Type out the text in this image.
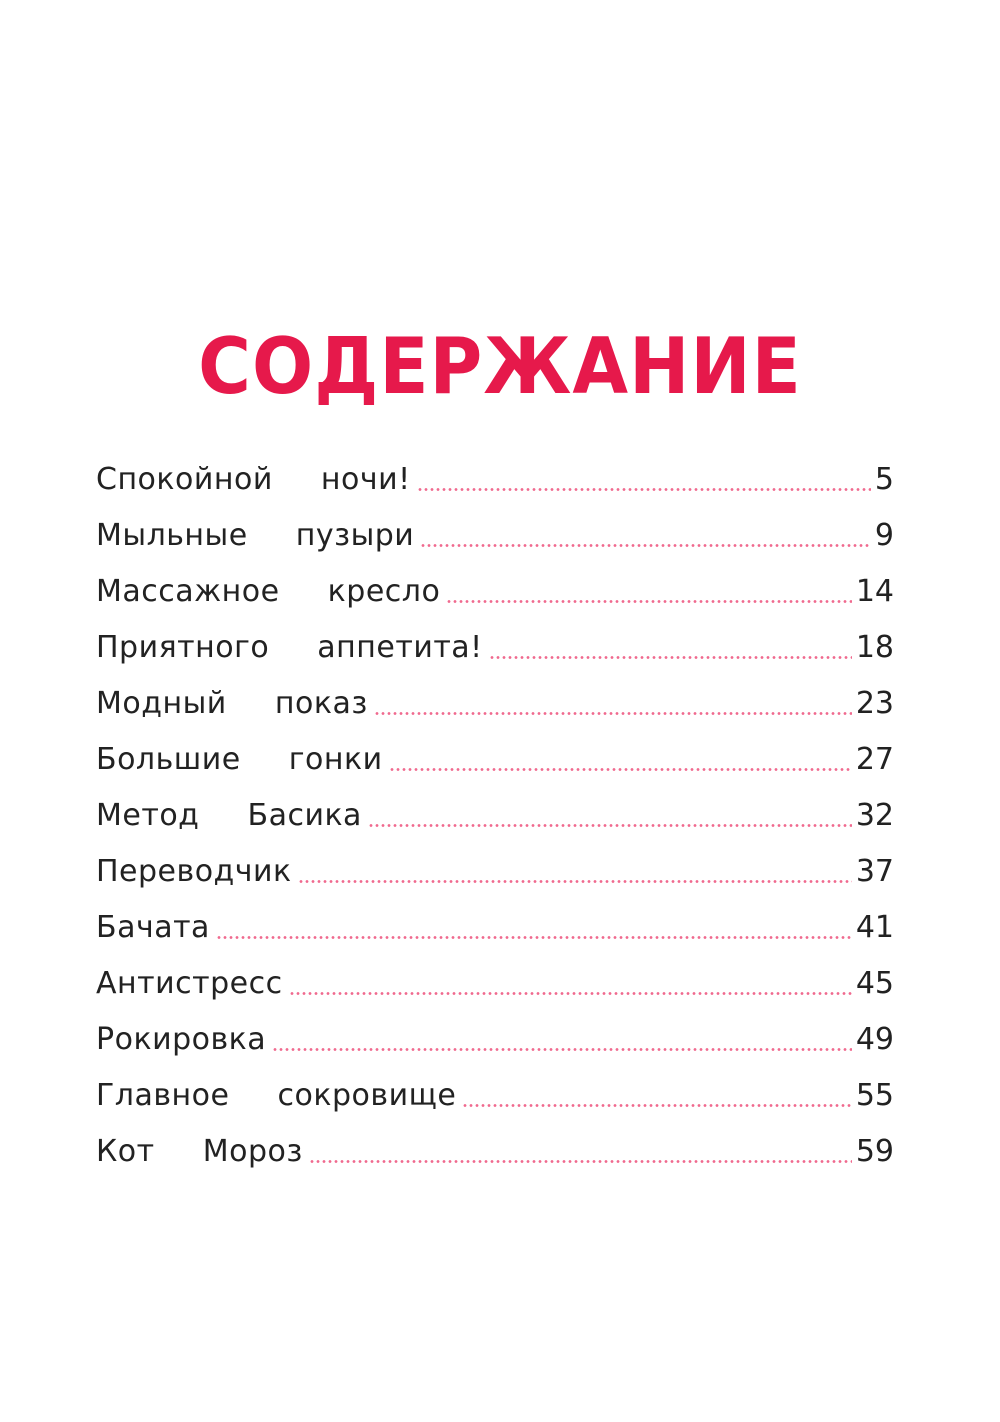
СОДЕРЖАНИЕ
Спокойной  ночи!	5
Мыльные  пузыри	9
Массажное  кресло	14
Приятного  аппетита!	18
Модный  показ	23
Большие  гонки	27
Метод  Басика	32
Переводчик	37
Бачата	41
Антистресс	45
Рокировка	49
Главное  сокровище	55
Кот  Мороз	59
